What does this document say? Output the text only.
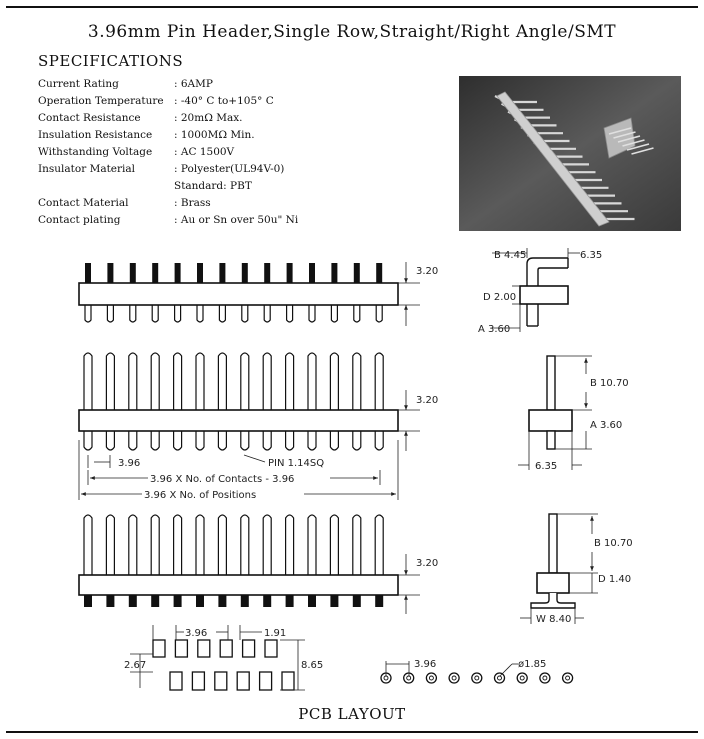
3.96mm Pin Header,Single Row,Straight/Right Angle/SMT
SPECIFICATIONS
Current Rating	: 6AMP
Operation Temperature	: -40° C to+105° C
Contact Resistance	: 20mΩ Max.
Insulation Resistance	: 1000MΩ Min.
Withstanding Voltage	: AC 1500V
Insulator Material	: Polyester(UL94V-0)
	Standard: PBT
Contact Material	: Brass
Contact plating	: Au or Sn over 50u" Ni
3.20
B 4.45	6.35
D 2.00
A 3.60
3.20
3.96	PIN 1.14SQ
3.96 X No. of Contacts - 3.96
3.96 X No. of Positions
B 10.70
A 3.60
6.35
3.20
B 10.70
D 1.40
W 8.40
3.96	1.91
2.67	8.65	3.96	ø1.85
PCB LAYOUT
